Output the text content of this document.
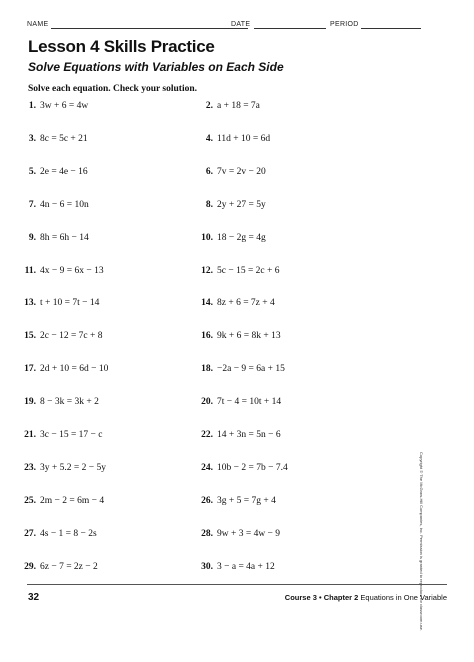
NAME	DATE	PERIOD
Lesson 4 Skills Practice
Solve Equations with Variables on Each Side

Solve each equation. Check your solution.

1. 3w + 6 = 4w
3. 8c = 5c + 21
5. 2e = 4e − 16
7. 4n − 6 = 10n
9. 8h = 6h − 14
11. 4x − 9 = 6x − 13
13. t + 10 = 7t − 14
15. 2c − 12 = 7c + 8
17. 2d + 10 = 6d − 10
19. 8 − 3k = 3k + 2
21. 3c − 15 = 17 − c
23. 3y + 5.2 = 2 − 5y
25. 2m − 2 = 6m − 4
27. 4s − 1 = 8 − 2s
29. 6z − 7 = 2z − 2
2. a + 18 = 7a
4. 11d + 10 = 6d
6. 7v = 2v − 20
8. 2y + 27 = 5y
10. 18 − 2g = 4g
12. 5c − 15 = 2c + 6
14. 8z + 6 = 7z + 4
16. 9k + 6 = 8k + 13
18. −2a − 9 = 6a + 15
20. 7t − 4 = 10t + 14
22. 14 + 3n = 5n − 6
24. 10b − 2 = 7b − 7.4
26. 3g + 5 = 7g + 4
28. 9w + 3 = 4w − 9
30. 3 − a = 4a + 12	Copyright © The McGraw-Hill Companies, Inc. Permission is granted to reproduce for classroom use.
32	Course 3 • Chapter 2 Equations in One Variable
